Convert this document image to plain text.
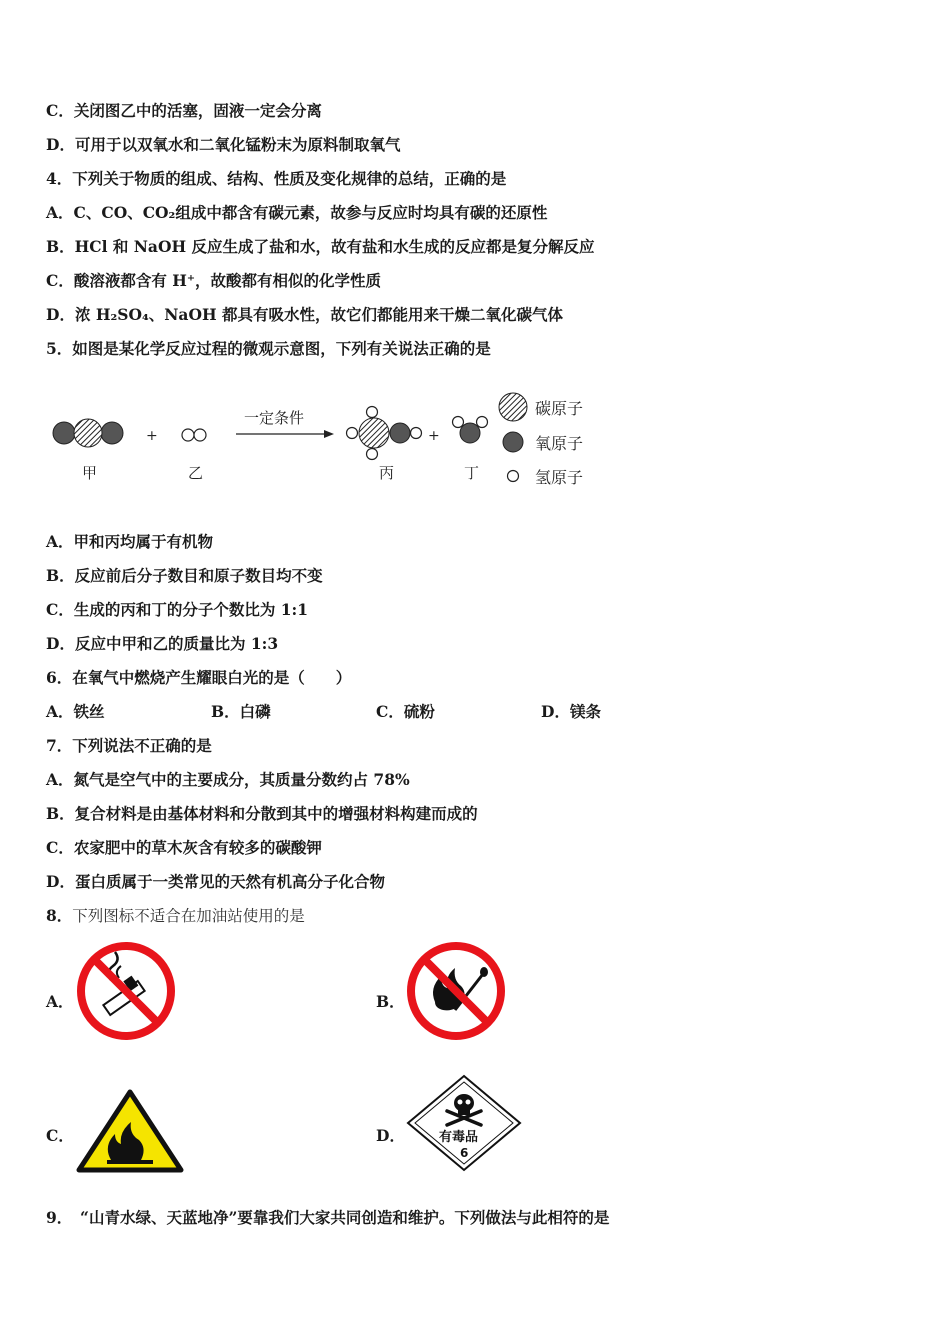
C．关闭图乙中的活塞，固液一定会分离
D．可用于以双氧水和二氧化锰粉末为原料制取氧气
4．下列关于物质的组成、结构、性质及变化规律的总结，正确的是
A．C、CO、CO₂组成中都含有碳元素，故参与反应时均具有碳的还原性
B．HCl 和 NaOH 反应生成了盐和水，故有盐和水生成的反应都是复分解反应
C．酸溶液都含有 H⁺，故酸都有相似的化学性质
D．浓 H₂SO₄、NaOH 都具有吸水性，故它们都能用来干燥二氧化碳气体
5．如图是某化学反应过程的微观示意图，下列有关说法正确的是
+
一定条件
+
甲	乙	丙	丁
碳原子
氧原子
氢原子
A．甲和丙均属于有机物
B．反应前后分子数目和原子数目均不变
C．生成的丙和丁的分子个数比为 1:1
D．反应中甲和乙的质量比为 1:3
6．在氧气中燃烧产生耀眼白光的是（　　）
A．铁丝	B．白磷	C．硫粉	D．镁条
7．下列说法不正确的是
A．氮气是空气中的主要成分，其质量分数约占 78%
B．复合材料是由基体材料和分散到其中的增强材料构建而成的
C．农家肥中的草木灰含有较多的碳酸钾
D．蛋白质属于一类常见的天然有机高分子化合物
8．下列图标不适合在加油站使用的是
A．	B．
C．	D．	有毒品
6
9．　“山青水绿、天蓝地净”要靠我们大家共同创造和维护。下列做法与此相符的是
